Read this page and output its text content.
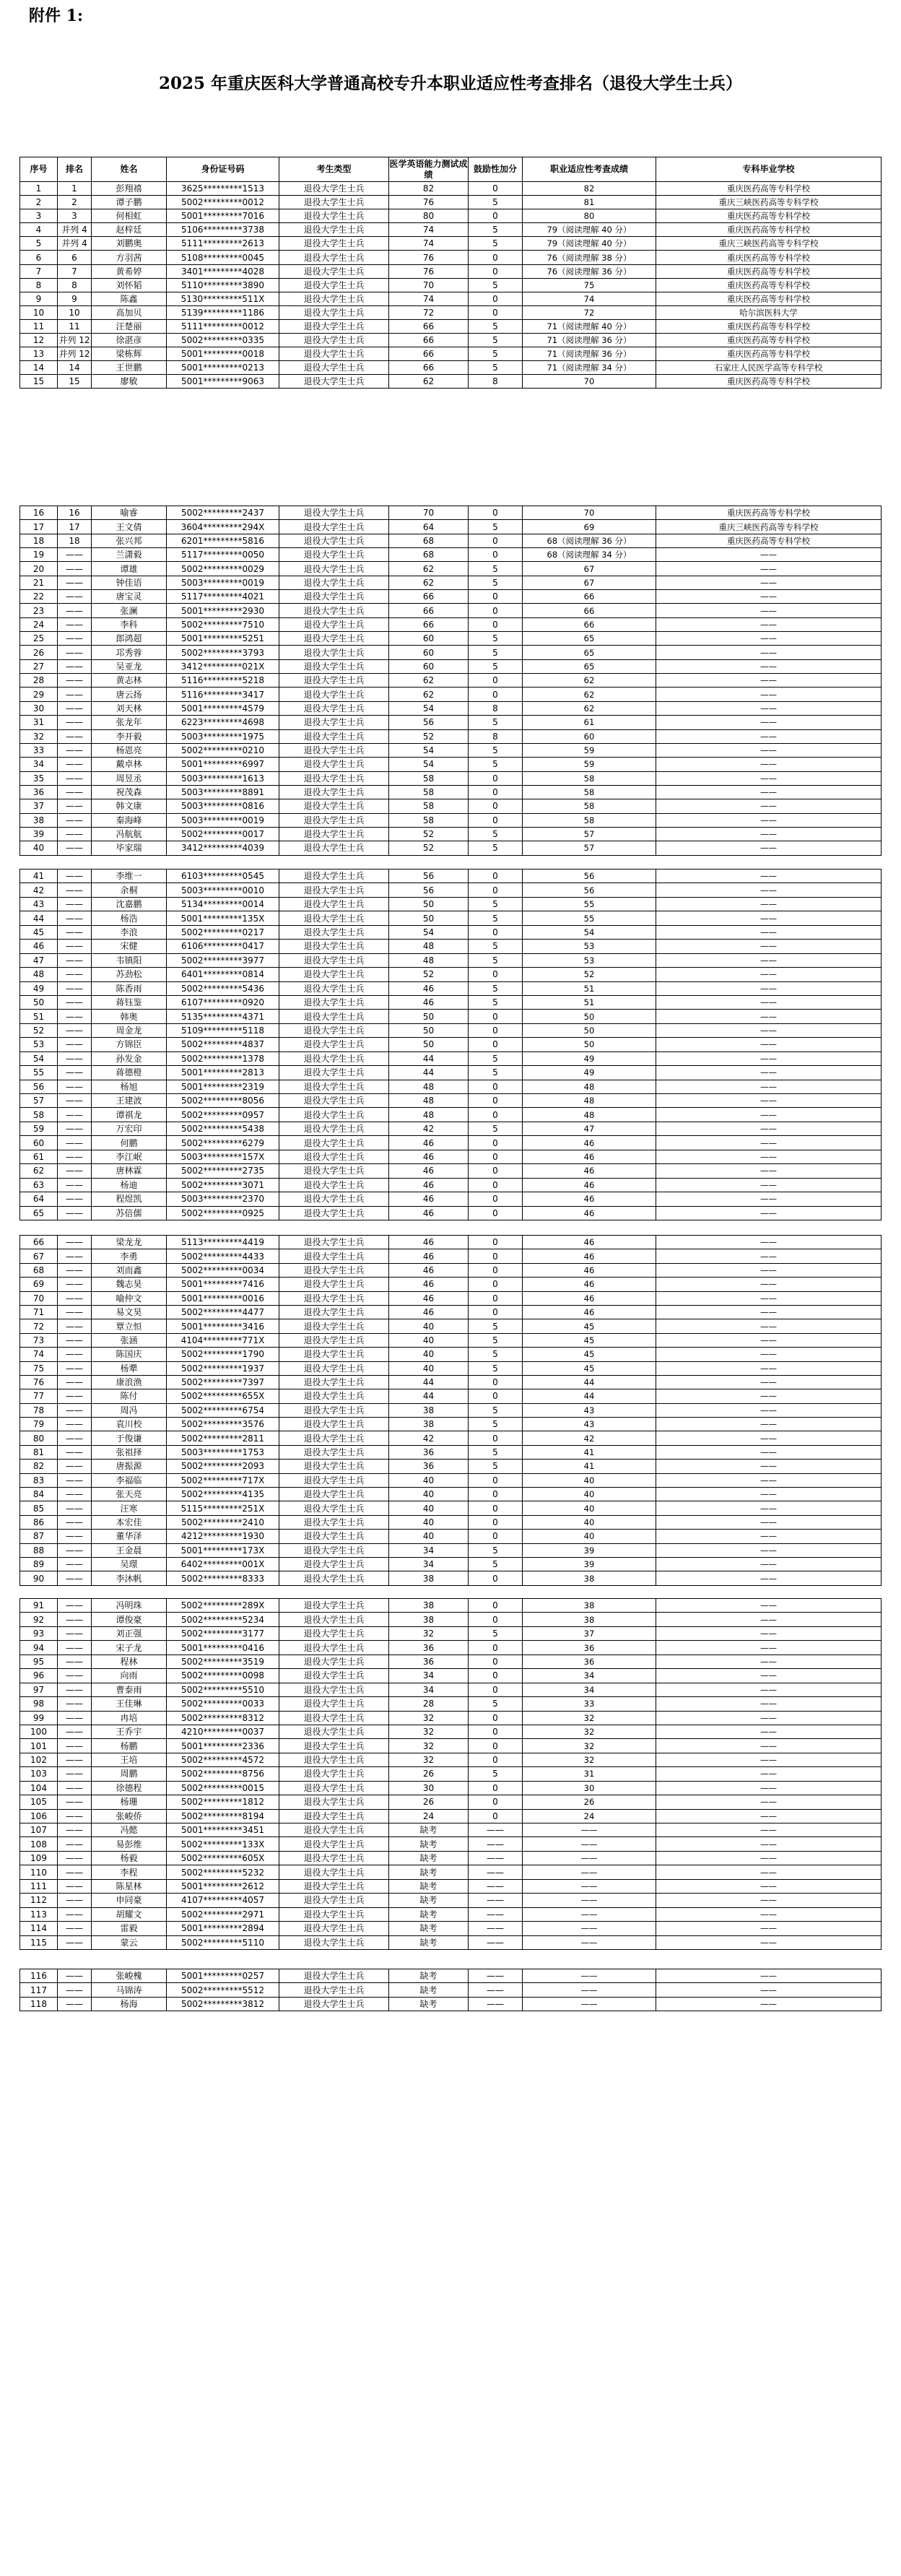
附件 1:
2025 年重庆医科大学普通高校专升本职业适应性考查排名（退役大学生士兵）
序号	排名	姓名	身份证号码	考生类型	医学英语能力测试成绩	鼓励性加分	职业适应性考查成绩	专科毕业学校
1	1	彭翔禧	3625*********1513	退役大学生士兵	82	0	82	重庆医药高等专科学校
2	2	谭子鹏	5002*********0012	退役大学生士兵	76	5	81	重庆三峡医药高等专科学校
3	3	何相虹	5001*********7016	退役大学生士兵	80	0	80	重庆医药高等专科学校
4	并列 4	赵梓廷	5106*********3738	退役大学生士兵	74	5	79（阅读理解 40 分）	重庆医药高等专科学校
5	并列 4	刘鹏奥	5111*********2613	退役大学生士兵	74	5	79（阅读理解 40 分）	重庆三峡医药高等专科学校
6	6	方羽茜	5108*********0045	退役大学生士兵	76	0	76（阅读理解 38 分）	重庆医药高等专科学校
7	7	黄希婷	3401*********4028	退役大学生士兵	76	0	76（阅读理解 36 分）	重庆医药高等专科学校
8	8	刘怀韬	5110*********3890	退役大学生士兵	70	5	75	重庆医药高等专科学校
9	9	陈鑫	5130*********511X	退役大学生士兵	74	0	74	重庆医药高等专科学校
10	10	高加贝	5139*********1186	退役大学生士兵	72	0	72	哈尔滨医科大学
11	11	汪楚丽	5111*********0012	退役大学生士兵	66	5	71（阅读理解 40 分）	重庆医药高等专科学校
12	并列 12	徐湛彦	5002*********0335	退役大学生士兵	66	5	71（阅读理解 36 分）	重庆医药高等专科学校
13	并列 12	梁栋辉	5001*********0018	退役大学生士兵	66	5	71（阅读理解 36 分）	重庆医药高等专科学校
14	14	王世鹏	5001*********0213	退役大学生士兵	66	5	71（阅读理解 34 分）	石家庄人民医学高等专科学校
15	15	廖敏	5001*********9063	退役大学生士兵	62	8	70	重庆医药高等专科学校
16	16	喻睿	5002*********2437	退役大学生士兵	70	0	70	重庆医药高等专科学校
17	17	王文倩	3604*********294X	退役大学生士兵	64	5	69	重庆三峡医药高等专科学校
18	18	张兴邦	6201*********5816	退役大学生士兵	68	0	68（阅读理解 36 分）	重庆医药高等专科学校
19	——	兰潇毅	5117*********0050	退役大学生士兵	68	0	68（阅读理解 34 分）	——
20	——	谭雄	5002*********0029	退役大学生士兵	62	5	67	——
21	——	钟佳语	5003*********0019	退役大学生士兵	62	5	67	——
22	——	唐宝灵	5117*********4021	退役大学生士兵	66	0	66	——
23	——	张澜	5001*********2930	退役大学生士兵	66	0	66	——
24	——	李科	5002*********7510	退役大学生士兵	66	0	66	——
25	——	郎鸿超	5001*********5251	退役大学生士兵	60	5	65	——
26	——	邛秀蓉	5002*********3793	退役大学生士兵	60	5	65	——
27	——	吴亚龙	3412*********021X	退役大学生士兵	60	5	65	——
28	——	黄志林	5116*********5218	退役大学生士兵	62	0	62	——
29	——	唐云扬	5116*********3417	退役大学生士兵	62	0	62	——
30	——	刘天林	5001*********4579	退役大学生士兵	54	8	62	——
31	——	张龙年	6223*********4698	退役大学生士兵	56	5	61	——
32	——	李开毅	5003*********1975	退役大学生士兵	52	8	60	——
33	——	杨恩亮	5002*********0210	退役大学生士兵	54	5	59	——
34	——	戴卓林	5001*********6997	退役大学生士兵	54	5	59	——
35	——	周昱丞	5003*********1613	退役大学生士兵	58	0	58	——
36	——	祝茂森	5003*********8891	退役大学生士兵	58	0	58	——
37	——	韩文康	5003*********0816	退役大学生士兵	58	0	58	——
38	——	秦海峰	5003*********0019	退役大学生士兵	58	0	58	——
39	——	冯航航	5002*********0017	退役大学生士兵	52	5	57	——
40	——	毕家瑞	3412*********4039	退役大学生士兵	52	5	57	——
41	——	李维一	6103*********0545	退役大学生士兵	56	0	56	——
42	——	余桐	5003*********0010	退役大学生士兵	56	0	56	——
43	——	沈嘉鹏	5134*********0014	退役大学生士兵	50	5	55	——
44	——	杨浩	5001*********135X	退役大学生士兵	50	5	55	——
45	——	李浪	5002*********0217	退役大学生士兵	54	0	54	——
46	——	宋健	6106*********0417	退役大学生士兵	48	5	53	——
47	——	韦镇阳	5002*********3977	退役大学生士兵	48	5	53	——
48	——	苏劲松	6401*********0814	退役大学生士兵	52	0	52	——
49	——	陈香雨	5002*********5436	退役大学生士兵	46	5	51	——
50	——	蒋钰鉴	6107*********0920	退役大学生士兵	46	5	51	——
51	——	韩奥	5135*********4371	退役大学生士兵	50	0	50	——
52	——	周金龙	5109*********5118	退役大学生士兵	50	0	50	——
53	——	方锦臣	5002*********4837	退役大学生士兵	50	0	50	——
54	——	孙发金	5002*********1378	退役大学生士兵	44	5	49	——
55	——	蒋德橙	5001*********2813	退役大学生士兵	44	5	49	——
56	——	杨旭	5001*********2319	退役大学生士兵	48	0	48	——
57	——	王建波	5002*********8056	退役大学生士兵	48	0	48	——
58	——	谭祺龙	5002*********0957	退役大学生士兵	48	0	48	——
59	——	万宏印	5002*********5438	退役大学生士兵	42	5	47	——
60	——	何鹏	5002*********6279	退役大学生士兵	46	0	46	——
61	——	李江岷	5003*********157X	退役大学生士兵	46	0	46	——
62	——	唐林霖	5002*********2735	退役大学生士兵	46	0	46	——
63	——	杨迪	5002*********3071	退役大学生士兵	46	0	46	——
64	——	程煜凯	5003*********2370	退役大学生士兵	46	0	46	——
65	——	苏倍儒	5002*********0925	退役大学生士兵	46	0	46	——
66	——	梁龙龙	5113*********4419	退役大学生士兵	46	0	46	——
67	——	李勇	5002*********4433	退役大学生士兵	46	0	46	——
68	——	刘而鑫	5002*********0034	退役大学生士兵	46	0	46	——
69	——	魏志昊	5001*********7416	退役大学生士兵	46	0	46	——
70	——	喻仲文	5001*********0016	退役大学生士兵	46	0	46	——
71	——	易文昊	5002*********4477	退役大学生士兵	46	0	46	——
72	——	覃立恒	5001*********3416	退役大学生士兵	40	5	45	——
73	——	张涵	4104*********771X	退役大学生士兵	40	5	45	——
74	——	陈国庆	5002*********1790	退役大学生士兵	40	5	45	——
75	——	杨犟	5002*********1937	退役大学生士兵	40	5	45	——
76	——	康浪渔	5002*********7397	退役大学生士兵	44	0	44	——
77	——	陈付	5002*********655X	退役大学生士兵	44	0	44	——
78	——	周冯	5002*********6754	退役大学生士兵	38	5	43	——
79	——	袁川校	5002*********3576	退役大学生士兵	38	5	43	——
80	——	于俊谦	5002*********2811	退役大学生士兵	42	0	42	——
81	——	张祖择	5003*********1753	退役大学生士兵	36	5	41	——
82	——	唐振源	5002*********2093	退役大学生士兵	36	5	41	——
83	——	李福临	5002*********717X	退役大学生士兵	40	0	40	——
84	——	张天亮	5002*********4135	退役大学生士兵	40	0	40	——
85	——	汪寒	5115*********251X	退役大学生士兵	40	0	40	——
86	——	本宏佳	5002*********2410	退役大学生士兵	40	0	40	——
87	——	董华泽	4212*********1930	退役大学生士兵	40	0	40	——
88	——	王金晨	5001*********173X	退役大学生士兵	34	5	39	——
89	——	吴璟	6402*********001X	退役大学生士兵	34	5	39	——
90	——	李沐帆	5002*********8333	退役大学生士兵	38	0	38	——
91	——	冯明珠	5002*********289X	退役大学生士兵	38	0	38	——
92	——	谭俊豪	5002*********5234	退役大学生士兵	38	0	38	——
93	——	刘正强	5002*********3177	退役大学生士兵	32	5	37	——
94	——	宋子龙	5001*********0416	退役大学生士兵	36	0	36	——
95	——	程林	5002*********3519	退役大学生士兵	36	0	36	——
96	——	向雨	5002*********0098	退役大学生士兵	34	0	34	——
97	——	曹泰雨	5002*********5510	退役大学生士兵	34	0	34	——
98	——	王佳琳	5002*********0033	退役大学生士兵	28	5	33	——
99	——	冉培	5002*********8312	退役大学生士兵	32	0	32	——
100	——	王乔宇	4210*********0037	退役大学生士兵	32	0	32	——
101	——	杨鹏	5001*********2336	退役大学生士兵	32	0	32	——
102	——	王培	5002*********4572	退役大学生士兵	32	0	32	——
103	——	周鹏	5002*********8756	退役大学生士兵	26	5	31	——
104	——	徐德程	5002*********0015	退役大学生士兵	30	0	30	——
105	——	杨珊	5002*********1812	退役大学生士兵	26	0	26	——
106	——	张峻侨	5002*********8194	退役大学生士兵	24	0	24	——
107	——	冯懿	5001*********3451	退役大学生士兵	缺考	——	——	——
108	——	易彭维	5002*********133X	退役大学生士兵	缺考	——	——	——
109	——	杨毅	5002*********605X	退役大学生士兵	缺考	——	——	——
110	——	李程	5002*********5232	退役大学生士兵	缺考	——	——	——
111	——	陈星林	5001*********2612	退役大学生士兵	缺考	——	——	——
112	——	申同豪	4107*********4057	退役大学生士兵	缺考	——	——	——
113	——	胡耀文	5002*********2971	退役大学生士兵	缺考	——	——	——
114	——	雷毅	5001*********2894	退役大学生士兵	缺考	——	——	——
115	——	蒙云	5002*********5110	退役大学生士兵	缺考	——	——	——
116	——	张峻槐	5001*********0257	退役大学生士兵	缺考	——	——	——
117	——	马锦涛	5002*********5512	退役大学生士兵	缺考	——	——	——
118	——	杨海	5002*********3812	退役大学生士兵	缺考	——	——	——
